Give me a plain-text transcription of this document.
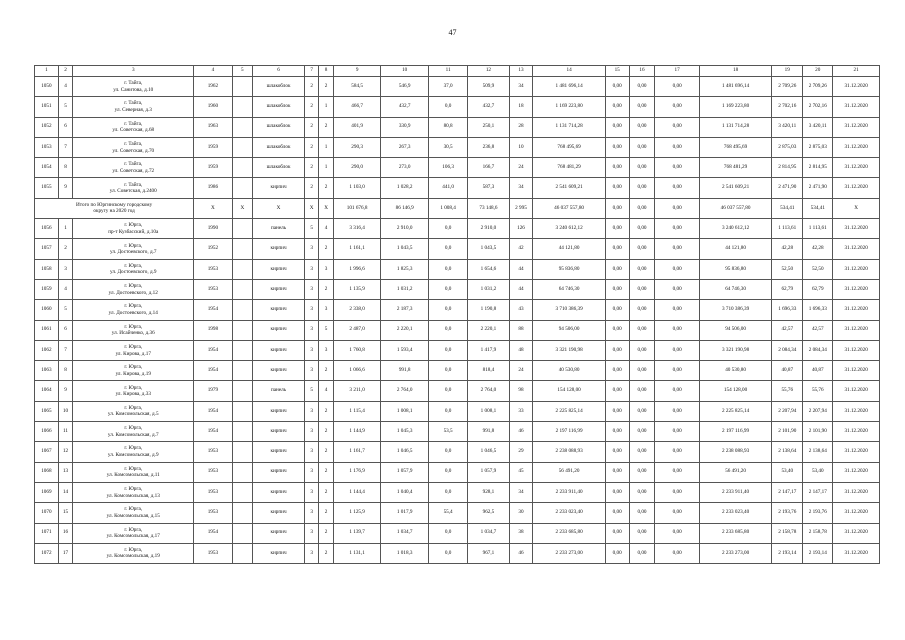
47
1	2	3	4	5	6	7	8	9	10	11	12	13	14	15	16	17	18	19	20	21
1050	4	г. Тайга,
ул. Санитова, д.10	1962		шлакоблок	2	2	584,5	546,9	37,0	509,9	34	1 481 696,14	0,00	0,00	0,00	1 481 696,14	2 709,26	2 709,26	31.12.2020
1051	5	г. Тайга,
ул. Северная, д.3	1960		шлакоблок	2	1	466,7	432,7	0,0	432,7	18	1 169 223,80	0,00	0,00	0,00	1 169 223,80	2 702,16	2 702,16	31.12.2020
1052	6	г. Тайга,
ул. Советская, д.68	1963		шлакоблок	2	2	401,9	330,9	80,8	250,1	28	1 131 714,28	0,00	0,00	0,00	1 131 714,28	3 420,11	3 420,11	31.12.2020
1053	7	г. Тайга,
ул. Советская, д.70	1959		шлакоблок	2	1	290,3	267,3	30,5	236,8	10	768 495,69	0,00	0,00	0,00	768 495,69	2 875,03	2 875,03	31.12.2020
1054	8	г. Тайга,
ул. Советская, д.72	1959		шлакоблок	2	1	290,0	273,0	106,3	166,7	24	768 481,29	0,00	0,00	0,00	768 481,29	2 814,95	2 814,95	31.12.2020
1055	9	г. Тайга,
ул. Советская, д.2400	1986		кирпич	2	2	1 103,0	1 028,2	441,0	587,3	34	2 541 609,21	0,00	0,00	0,00	2 541 609,21	2 471,90	2 471,90	31.12.2020

Итого по Юргинскому городскому
округу на 2020 год			X	X	X	X	X	101 676,8	86 146,9	1 008,4	73 148,6	2 995	46 037 557,80	0,00	0,00	0,00	46 037 557,80	534,41	534,41	X
1056	1	г. Юрга,
пр-т Кузбасский, д.10а	1990		панель	5	4	3 316,4	2 910,0	0,0	2 910,0	126	3 240 612,12	0,00	0,00	0,00	3 240 612,12	1 113,61	1 113,61	31.12.2020
1057	2	г. Юрга,
ул. Достоевского, д.7	1952		кирпич	3	2	1 161,1	1 043,5	0,0	1 043,5	42	44 121,80	0,00	0,00	0,00	44 121,80	42,28	42,28	31.12.2020
1058	3	г. Юрга,
ул. Достоевского, д.9	1953		кирпич	3	3	1 996,6	1 825,3	0,0	1 654,6	44	95 836,80	0,00	0,00	0,00	95 836,80	52,50	52,50	31.12.2020
1059	4	г. Юрга,
ул. Достоевского, д.12	1953		кирпич	3	2	1 135,9	1 031,2	0,0	1 031,2	44	64 746,30	0,00	0,00	0,00	64 746,30	62,79	62,79	31.12.2020
1060	5	г. Юрга,
ул. Достоевского, д.14	1954		кирпич	3	3	2 338,0	2 187,3	0,0	1 190,8	43	3 710 386,39	0,00	0,00	0,00	3 710 386,39	1 696,33	1 696,33	31.12.2020
1061	6	г. Юрга,
ул. Исайченко, д.36	1998		кирпич	3	5	2 487,0	2 220,1	0,0	2 220,1	88	94 506,00	0,00	0,00	0,00	94 506,00	42,57	42,57	31.12.2020
1062	7	г. Юрга,
ул. Кирова, д.17	1954		кирпич	3	3	1 760,8	1 593,4	0,0	1 417,9	48	3 321 190,98	0,00	0,00	0,00	3 321 190,98	2 084,34	2 084,34	31.12.2020
1063	8	г. Юрга,
ул. Кирова, д.19	1954		кирпич	3	2	1 066,6	991,8	0,0	818,4	24	40 530,80	0,00	0,00	0,00	40 530,80	40,87	40,87	31.12.2020
1064	9	г. Юрга,
ул. Кирова, д.33	1979		панель	5	4	3 211,0	2 764,0	0,0	2 764,0	98	154 128,00	0,00	0,00	0,00	154 128,00	55,76	55,76	31.12.2020
1065	10	г. Юрга,
ул. Комсомольская, д.5	1954		кирпич	3	2	1 115,4	1 008,1	0,0	1 008,1	33	2 225 825,14	0,00	0,00	0,00	2 225 825,14	2 207,94	2 207,94	31.12.2020
1066	11	г. Юрга,
ул. Комсомольская, д.7	1954		кирпич	3	2	1 144,9	1 045,3	53,5	991,8	46	2 197 116,99	0,00	0,00	0,00	2 197 116,99	2 101,90	2 101,90	31.12.2020
1067	12	г. Юрга,
ул. Комсомольская, д.9	1953		кирпич	3	2	1 161,7	1 046,5	0,0	1 046,5	29	2 238 088,93	0,00	0,00	0,00	2 238 088,93	2 138,64	2 138,64	31.12.2020
1068	13	г. Юрга,
ул. Комсомольская, д.11	1953		кирпич	3	2	1 176,9	1 057,9	0,0	1 057,9	45	56 491,20	0,00	0,00	0,00	56 491,20	53,40	53,40	31.12.2020
1069	14	г. Юрга,
ул. Комсомольская, д.13	1953		кирпич	3	2	1 144,4	1 040,4	0,0	928,1	34	2 233 911,40	0,00	0,00	0,00	2 233 911,40	2 147,17	2 147,17	31.12.2020
1070	15	г. Юрга,
ул. Комсомольская, д.15	1953		кирпич	3	2	1 125,9	1 017,9	55,4	962,5	30	2 233 023,40	0,00	0,00	0,00	2 233 023,40	2 193,76	2 193,76	31.12.2020
1071	16	г. Юрга,
ул. Комсомольская, д.17	1954		кирпич	3	2	1 139,7	1 034,7	0,0	1 034,7	38	2 233 685,80	0,00	0,00	0,00	2 233 685,80	2 158,78	2 158,78	31.12.2020
1072	17	г. Юрга,
ул. Комсомольская, д.19	1953		кирпич	3	2	1 131,1	1 018,3	0,0	967,1	46	2 233 273,00	0,00	0,00	0,00	2 233 273,00	2 193,14	2 193,14	31.12.2020
